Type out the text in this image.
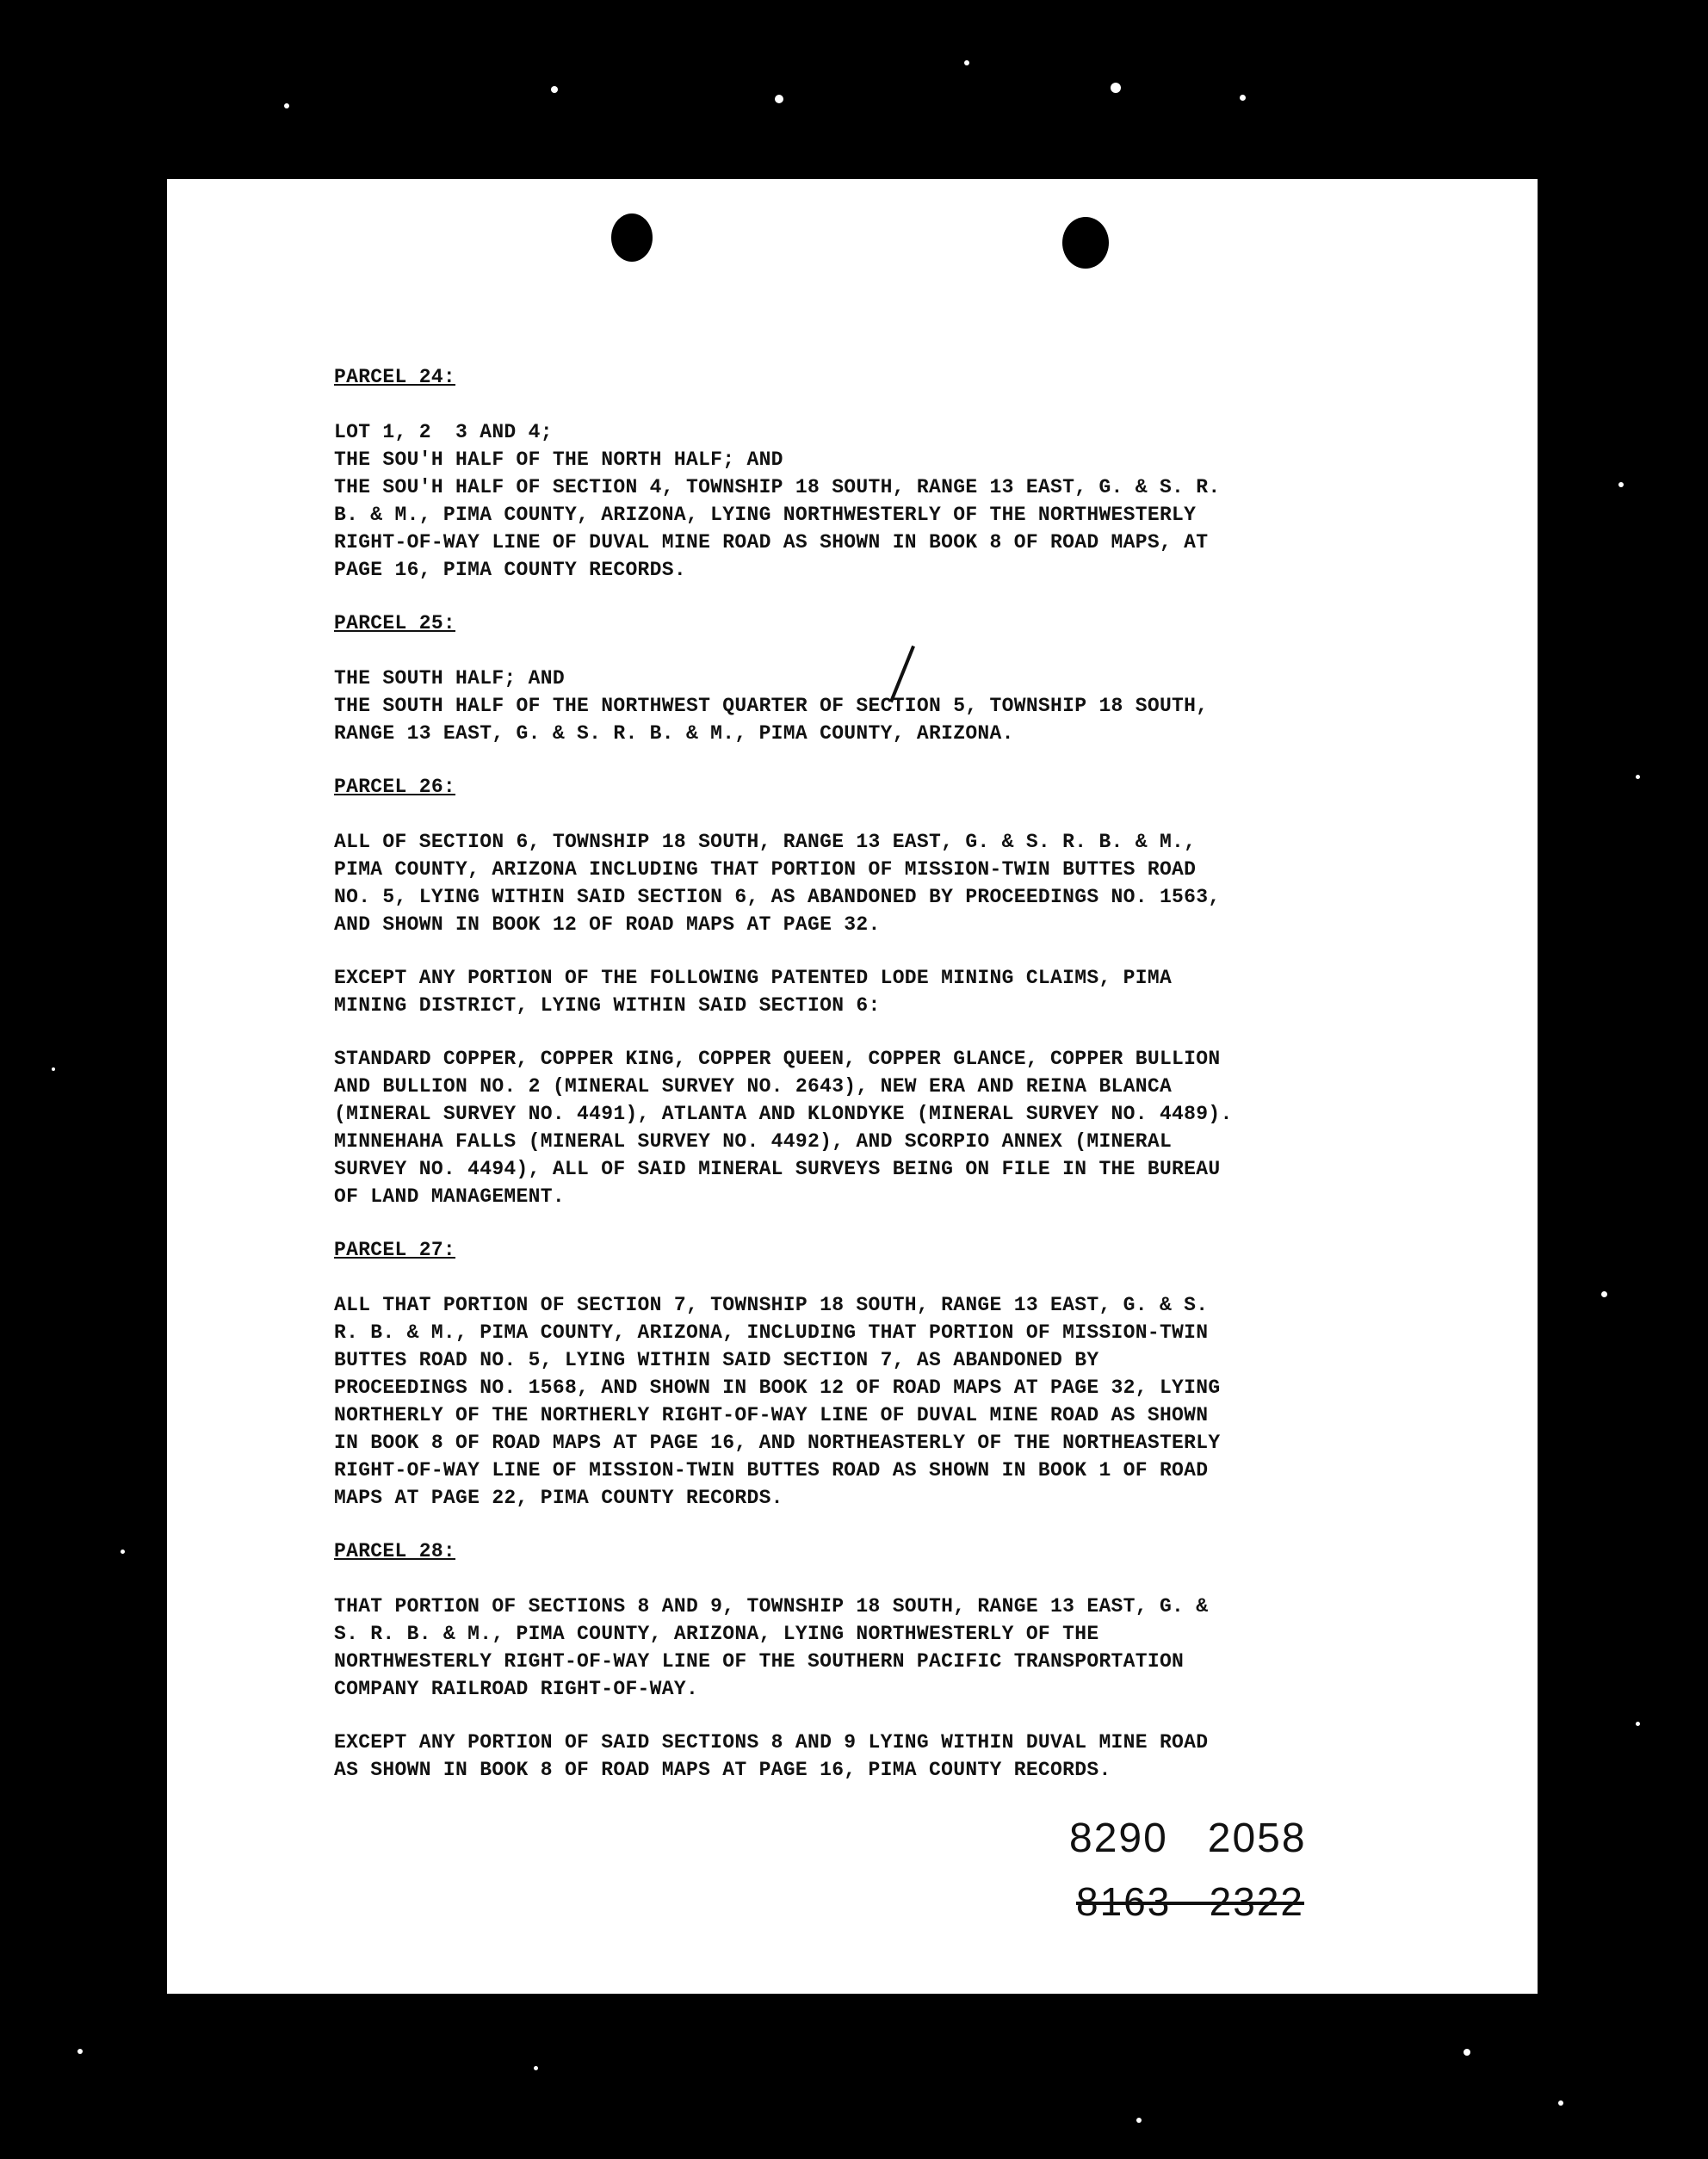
PARCEL 24:
LOT 1, 2  3 AND 4;
THE SOU'H HALF OF THE NORTH HALF; AND
THE SOU'H HALF OF SECTION 4, TOWNSHIP 18 SOUTH, RANGE 13 EAST, G. & S. R.
B. & M., PIMA COUNTY, ARIZONA, LYING NORTHWESTERLY OF THE NORTHWESTERLY
RIGHT-OF-WAY LINE OF DUVAL MINE ROAD AS SHOWN IN BOOK 8 OF ROAD MAPS, AT
PAGE 16, PIMA COUNTY RECORDS.
PARCEL 25:
THE SOUTH HALF; AND
THE SOUTH HALF OF THE NORTHWEST QUARTER OF SECTION 5, TOWNSHIP 18 SOUTH,
RANGE 13 EAST, G. & S. R. B. & M., PIMA COUNTY, ARIZONA.
PARCEL 26:
ALL OF SECTION 6, TOWNSHIP 18 SOUTH, RANGE 13 EAST, G. & S. R. B. & M.,
PIMA COUNTY, ARIZONA INCLUDING THAT PORTION OF MISSION-TWIN BUTTES ROAD
NO. 5, LYING WITHIN SAID SECTION 6, AS ABANDONED BY PROCEEDINGS NO. 1563,
AND SHOWN IN BOOK 12 OF ROAD MAPS AT PAGE 32.
EXCEPT ANY PORTION OF THE FOLLOWING PATENTED LODE MINING CLAIMS, PIMA
MINING DISTRICT, LYING WITHIN SAID SECTION 6:
STANDARD COPPER, COPPER KING, COPPER QUEEN, COPPER GLANCE, COPPER BULLION
AND BULLION NO. 2 (MINERAL SURVEY NO. 2643), NEW ERA AND REINA BLANCA
(MINERAL SURVEY NO. 4491), ATLANTA AND KLONDYKE (MINERAL SURVEY NO. 4489).
MINNEHAHA FALLS (MINERAL SURVEY NO. 4492), AND SCORPIO ANNEX (MINERAL
SURVEY NO. 4494), ALL OF SAID MINERAL SURVEYS BEING ON FILE IN THE BUREAU
OF LAND MANAGEMENT.
PARCEL 27:
ALL THAT PORTION OF SECTION 7, TOWNSHIP 18 SOUTH, RANGE 13 EAST, G. & S.
R. B. & M., PIMA COUNTY, ARIZONA, INCLUDING THAT PORTION OF MISSION-TWIN
BUTTES ROAD NO. 5, LYING WITHIN SAID SECTION 7, AS ABANDONED BY
PROCEEDINGS NO. 1568, AND SHOWN IN BOOK 12 OF ROAD MAPS AT PAGE 32, LYING
NORTHERLY OF THE NORTHERLY RIGHT-OF-WAY LINE OF DUVAL MINE ROAD AS SHOWN
IN BOOK 8 OF ROAD MAPS AT PAGE 16, AND NORTHEASTERLY OF THE NORTHEASTERLY
RIGHT-OF-WAY LINE OF MISSION-TWIN BUTTES ROAD AS SHOWN IN BOOK 1 OF ROAD
MAPS AT PAGE 22, PIMA COUNTY RECORDS.
PARCEL 28:
THAT PORTION OF SECTIONS 8 AND 9, TOWNSHIP 18 SOUTH, RANGE 13 EAST, G. &
S. R. B. & M., PIMA COUNTY, ARIZONA, LYING NORTHWESTERLY OF THE
NORTHWESTERLY RIGHT-OF-WAY LINE OF THE SOUTHERN PACIFIC TRANSPORTATION
COMPANY RAILROAD RIGHT-OF-WAY.
EXCEPT ANY PORTION OF SAID SECTIONS 8 AND 9 LYING WITHIN DUVAL MINE ROAD
AS SHOWN IN BOOK 8 OF ROAD MAPS AT PAGE 16, PIMA COUNTY RECORDS.
8290   2058
8163   2322
